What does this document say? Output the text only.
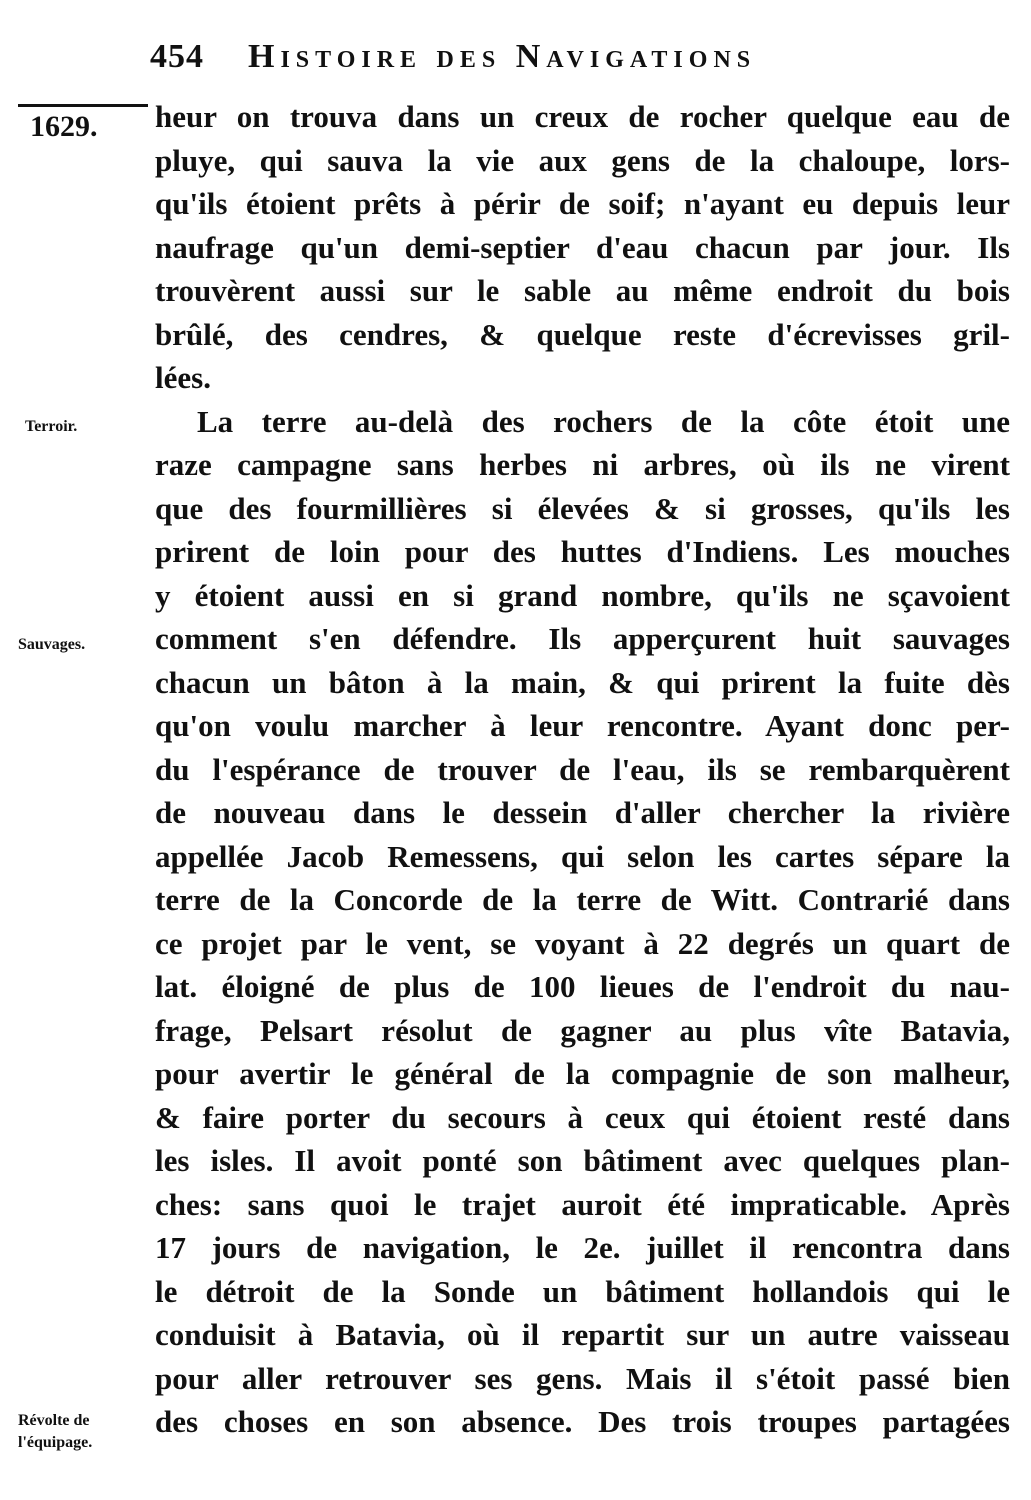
454 Histoire des Navigations
1629.
Terroir.
Sauvages.
Révolte de l'équipage.
heur on trouva dans un creux de rocher quelque eau de
pluye, qui sauva la vie aux gens de la chaloupe, lors-
qu'ils étoient prêts à périr de soif; n'ayant eu depuis leur
naufrage qu'un demi-septier d'eau chacun par jour. Ils
trouvèrent aussi sur le sable au même endroit du bois
brûlé, des cendres, & quelque reste d'écrevisses gril-
lées.
La terre au-delà des rochers de la côte étoit une
raze campagne sans herbes ni arbres, où ils ne virent
que des fourmillières si élevées & si grosses, qu'ils les
prirent de loin pour des huttes d'Indiens. Les mouches
y étoient aussi en si grand nombre, qu'ils ne sçavoient
comment s'en défendre. Ils apperçurent huit sauvages
chacun un bâton à la main, & qui prirent la fuite dès
qu'on voulu marcher à leur rencontre. Ayant donc per-
du l'espérance de trouver de l'eau, ils se rembarquèrent
de nouveau dans le dessein d'aller chercher la rivière
appellée Jacob Remessens, qui selon les cartes sépare la
terre de la Concorde de la terre de Witt. Contrarié dans
ce projet par le vent, se voyant à 22 degrés un quart de
lat. éloigné de plus de 100 lieues de l'endroit du nau-
frage, Pelsart résolut de gagner au plus vîte Batavia,
pour avertir le général de la compagnie de son malheur,
& faire porter du secours à ceux qui étoient resté dans
les isles. Il avoit ponté son bâtiment avec quelques plan-
ches: sans quoi le trajet auroit été impraticable. Après
17 jours de navigation, le 2e. juillet il rencontra dans
le détroit de la Sonde un bâtiment hollandois qui le
conduisit à Batavia, où il repartit sur un autre vaisseau
pour aller retrouver ses gens. Mais il s'étoit passé bien
des choses en son absence. Des trois troupes partagées
